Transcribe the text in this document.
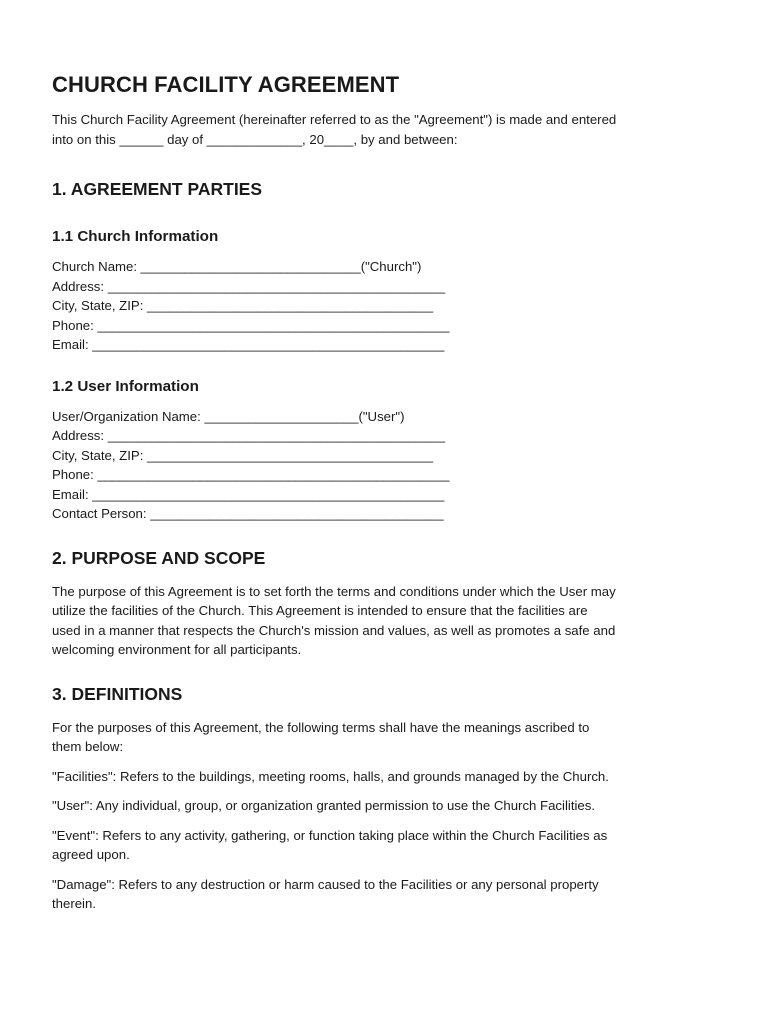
CHURCH FACILITY AGREEMENT
This Church Facility Agreement (hereinafter referred to as the "Agreement") is made and entered
into on this ______ day of _____________, 20____, by and between:
1. AGREEMENT PARTIES
1.1 Church Information
Church Name: ______________________________("Church")
Address: ______________________________________________
City, State, ZIP: _______________________________________
Phone: ________________________________________________
Email: ________________________________________________
1.2 User Information
User/Organization Name: _____________________("User")
Address: ______________________________________________
City, State, ZIP: _______________________________________
Phone: ________________________________________________
Email: ________________________________________________
Contact Person: ________________________________________
2. PURPOSE AND SCOPE
The purpose of this Agreement is to set forth the terms and conditions under which the User may
utilize the facilities of the Church. This Agreement is intended to ensure that the facilities are
used in a manner that respects the Church's mission and values, as well as promotes a safe and
welcoming environment for all participants.
3. DEFINITIONS
For the purposes of this Agreement, the following terms shall have the meanings ascribed to
them below:
"Facilities": Refers to the buildings, meeting rooms, halls, and grounds managed by the Church.
"User": Any individual, group, or organization granted permission to use the Church Facilities.
"Event": Refers to any activity, gathering, or function taking place within the Church Facilities as
agreed upon.
"Damage": Refers to any destruction or harm caused to the Facilities or any personal property
therein.
